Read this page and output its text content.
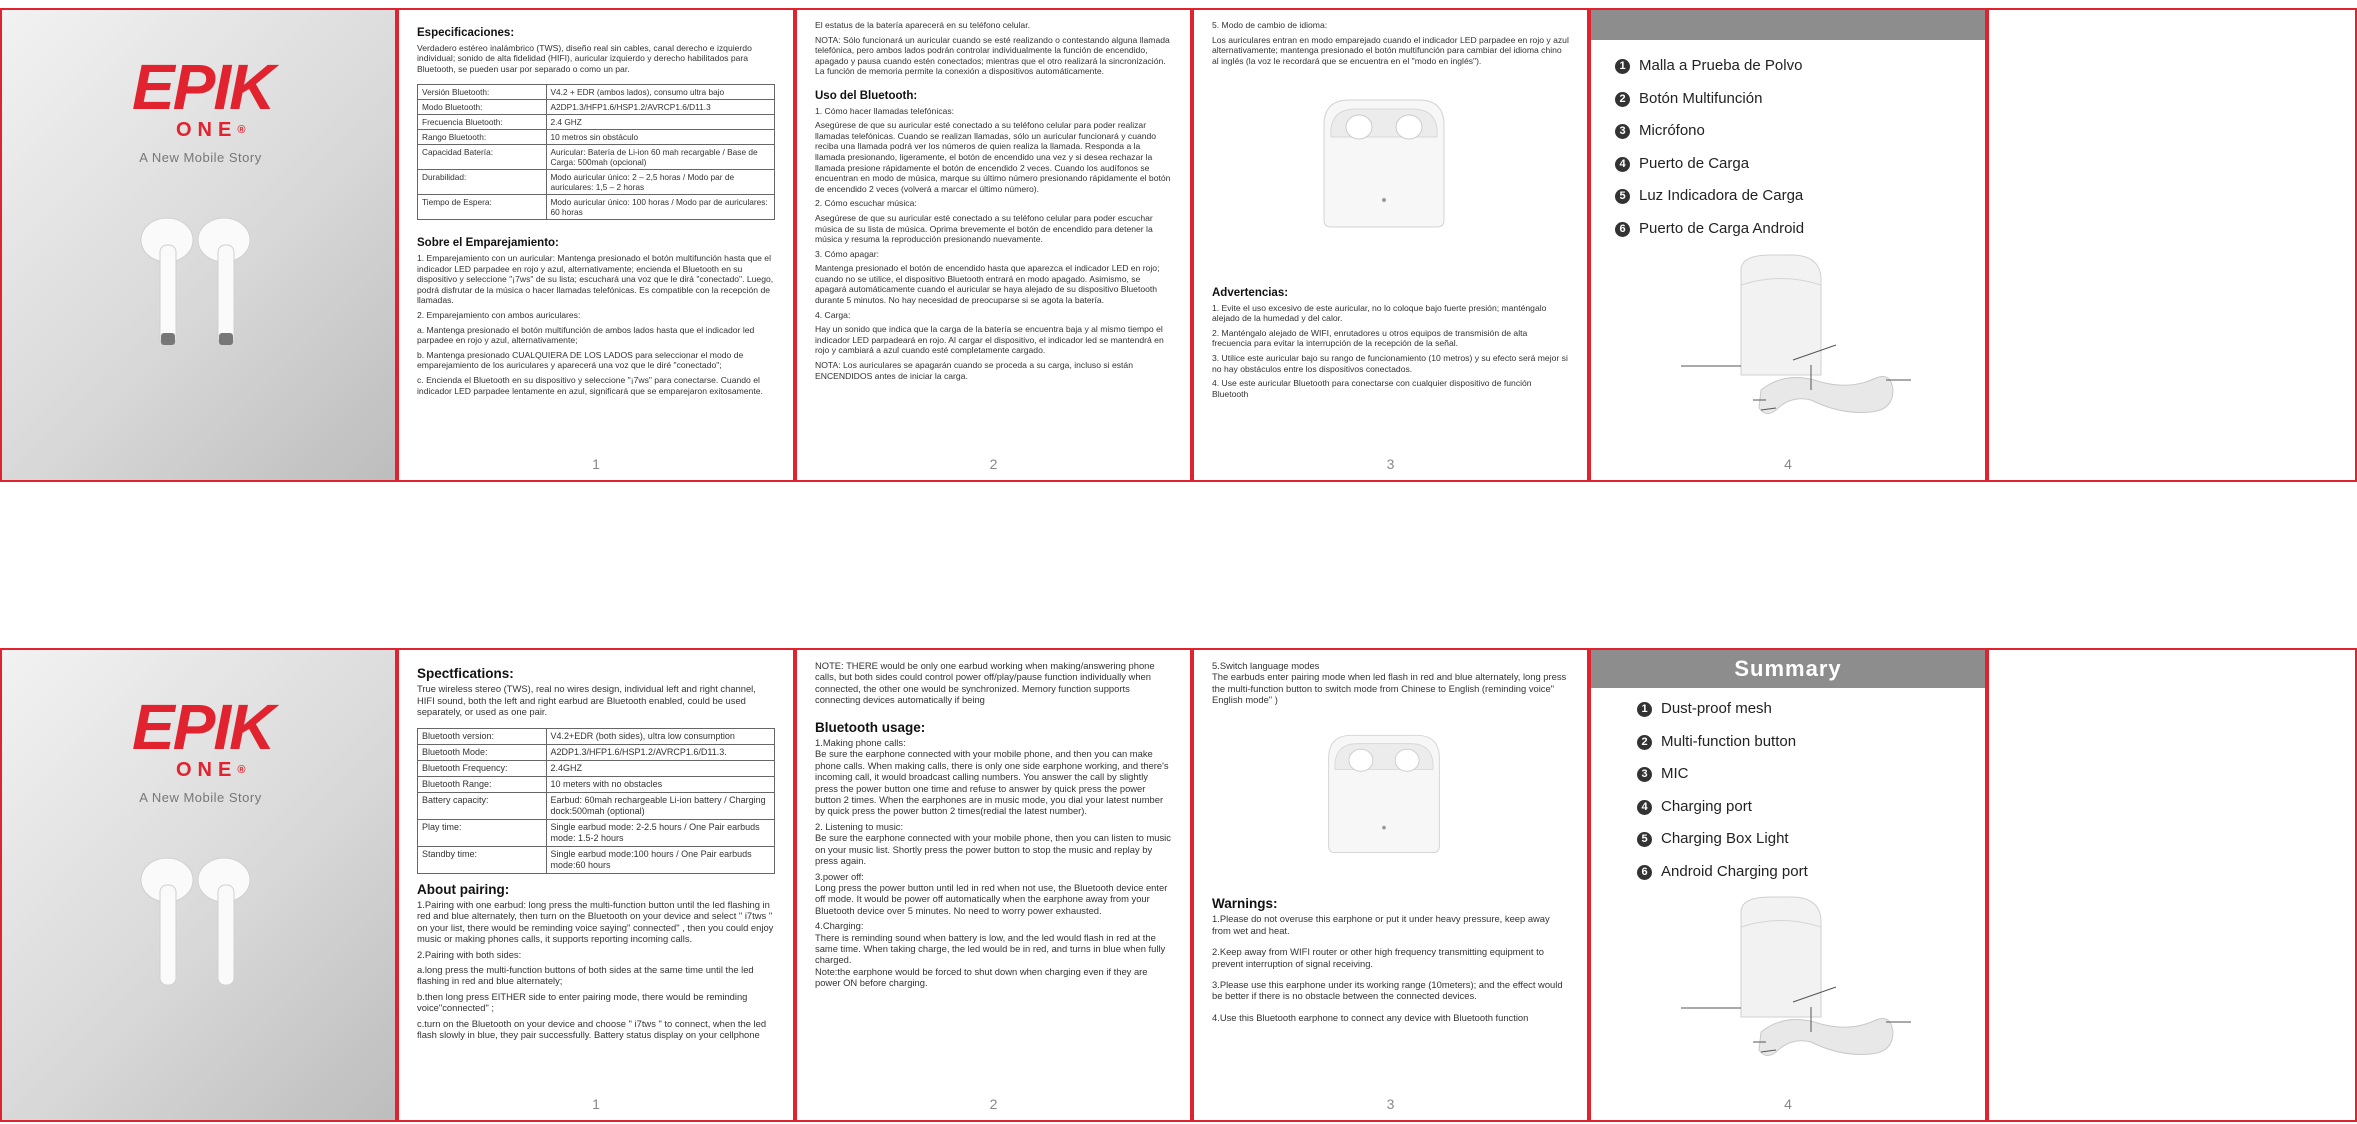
EPIK
ONE®
A New Mobile Story
Especificaciones:

Verdadero estéreo inalámbrico (TWS), diseño real sin cables, canal derecho e izquierdo individual; sonido de alta fidelidad (HIFI), auricular izquierdo y derecho habilitados para Bluetooth, se pueden usar por separado o como un par.

Versión Bluetooth:	V4.2 + EDR (ambos lados), consumo ultra bajo
Modo Bluetooth:	A2DP1.3/HFP1.6/HSP1.2/AVRCP1.6/D11.3
Frecuencia Bluetooth:	2.4 GHZ
Rango Bluetooth:	10 metros sin obstáculo
Capacidad Batería:	Auricular: Batería de Li-ion 60 mah recargable / Base de Carga: 500mah (opcional)
Durabilidad:	Modo auricular único: 2 – 2,5 horas / Modo par de auriculares: 1,5 – 2 horas
Tiempo de Espera:	Modo auricular único: 100 horas / Modo par de auriculares: 60 horas
Sobre el Emparejamiento:

1. Emparejamiento con un auricular: Mantenga presionado el botón multifunción hasta que el indicador LED parpadee en rojo y azul, alternativamente; encienda el Bluetooth en su dispositivo y seleccione "¡7ws" de su lista; escuchará una voz que le dirá "conectado". Luego, podrá disfrutar de la música o hacer llamadas telefónicas. Es compatible con la recepción de llamadas.

2. Emparejamiento con ambos auriculares:

a. Mantenga presionado el botón multifunción de ambos lados hasta que el indicador led parpadee en rojo y azul, alternativamente;

b. Mantenga presionado CUALQUIERA DE LOS LADOS para seleccionar el modo de emparejamiento de los auriculares y aparecerá una voz que le diré "conectado";

c. Encienda el Bluetooth en su dispositivo y seleccione "¡7ws" para conectarse. Cuando el indicador LED parpadee lentamente en azul, significará que se emparejaron exitosamente.

1

El estatus de la batería aparecerá en su teléfono celular.

NOTA: Sólo funcionará un auricular cuando se esté realizando o contestando alguna llamada telefónica, pero ambos lados podrán controlar individualmente la función de encendido, apagado y pausa cuando estén conectados; mientras que el otro realizará la sincronización. La función de memoria permite la conexión a dispositivos automáticamente.

Uso del Bluetooth:

1. Cómo hacer llamadas telefónicas:

Asegúrese de que su auricular esté conectado a su teléfono celular para poder realizar llamadas telefónicas. Cuando se realizan llamadas, sólo un auricular funcionará y cuando reciba una llamada podrá ver los números de quien realiza la llamada. Responda a la llamada presionando, ligeramente, el botón de encendido una vez y si desea rechazar la llamada presione rápidamente el botón de encendido 2 veces. Cuando los audífonos se encuentran en modo de música, marque su último número presionando rápidamente el botón de encendido 2 veces (volverá a marcar el último número).

2. Cómo escuchar música:

Asegúrese de que su auricular esté conectado a su teléfono celular para poder escuchar música de su lista de música. Oprima brevemente el botón de encendido para detener la música y resuma la reproducción presionando nuevamente.

3. Cómo apagar:

Mantenga presionado el botón de encendido hasta que aparezca el indicador LED en rojo; cuando no se utilice, el dispositivo Bluetooth entrará en modo apagado. Asimismo, se apagará automáticamente cuando el auricular se haya alejado de su dispositivo Bluetooth durante 5 minutos. No hay necesidad de preocuparse si se agota la batería.

4. Carga:

Hay un sonido que indica que la carga de la batería se encuentra baja y al mismo tiempo el indicador LED parpadeará en rojo. Al cargar el dispositivo, el indicador led se mantendrá en rojo y cambiará a azul cuando esté completamente cargado.

NOTA: Los auriculares se apagarán cuando se proceda a su carga, incluso si están ENCENDIDOS antes de iniciar la carga.

2

5. Modo de cambio de idioma:

Los auriculares entran en modo emparejado cuando el indicador LED parpadee en rojo y azul alternativamente; mantenga presionado el botón multifunción para cambiar del idioma chino al inglés (la voz le recordará que se encuentra en el "modo en inglés").

Advertencias:

1. Evite el uso excesivo de este auricular, no lo coloque bajo fuerte presión; manténgalo alejado de la humedad y del calor.

2. Manténgalo alejado de WIFI, enrutadores u otros equipos de transmisión de alta frecuencia para evitar la interrupción de la recepción de la señal.

3. Utilice este auricular bajo su rango de funcionamiento (10 metros) y su efecto será mejor si no hay obstáculos entre los dispositivos conectados.

4. Use este auricular Bluetooth para conectarse con cualquier dispositivo de función Bluetooth

3
1 Malla a Prueba de Polvo
2 Botón Multifunción
3 Micrófono
4 Puerto de Carga
5 Luz Indicadora de Carga
6 Puerto de Carga Android
4
EPIK
ONE®
A New Mobile Story
Spectfications:

True wireless stereo (TWS), real no wires design, individual left and right channel, HIFI sound, both the left and right earbud are Bluetooth enabled, could be used separately, or used as one pair.

Bluetooth version:	V4.2+EDR (both sides), ultra low consumption
Bluetooth Mode:	A2DP1.3/HFP1.6/HSP1.2/AVRCP1.6/D11.3.
Bluetooth Frequency:	2.4GHZ
Bluetooth Range:	10 meters with no obstacles
Battery capacity:	Earbud: 60mah rechargeable Li-ion battery / Charging dock:500mah (optional)
Play time:	Single earbud mode: 2-2.5 hours / One Pair earbuds mode: 1.5-2 hours
Standby time:	Single earbud mode:100 hours / One Pair earbuds mode:60 hours
About pairing:

1.Pairing with one earbud: long press the multi-function button until the led flashing in red and blue alternately, then turn on the Bluetooth on your device and select " i7tws " on your list, there would be reminding voice saying" connected" , then you could enjoy music or making phones calls, it supports reporting incoming calls.

2.Pairing with both sides:

a.long press the multi-function buttons of both sides at the same time until the led flashing in red and blue alternately;

b.then long press EITHER side to enter pairing mode, there would be reminding voice"connected" ;

c.turn on the Bluetooth on your device and choose " i7tws " to connect, when the led flash slowly in blue, they pair successfully. Battery status display on your cellphone

1

NOTE: THERE would be only one earbud working when making/answering phone calls, but both sides could control power off/play/pause function individually when connected, the other one would be synchronized. Memory function supports connecting devices automatically if being

Bluetooth usage:

1.Making phone calls:

Be sure the earphone connected with your mobile phone, and then you can make phone calls. When making calls, there is only one side earphone working, and there's incoming call, it would broadcast calling numbers. You answer the call by slightly press the power button one time and refuse to answer by quick press the power button 2 times. When the earphones are in music mode, you dial your latest number by quick press the power button 2 times(redial the latest number).

2. Listening to music:

Be sure the earphone connected with your mobile phone, then you can listen to music on your music list. Shortly press the power button to stop the music and replay by press again.

3.power off:

Long press the power button until led in red when not use, the Bluetooth device enter off mode. It would be power off automatically when the earphone away from your Bluetooth device over 5 minutes. No need to worry power exhausted.

4.Charging:

There is reminding sound when battery is low, and the led would flash in red at the same time. When taking charge, the led would be in red, and turns in blue when fully charged.

Note:the earphone would be forced to shut down when charging even if they are power ON before charging.

2

5.Switch language modes

The earbuds enter pairing mode when led flash in red and blue alternately, long press the multi-function button to switch mode from Chinese to English (reminding voice" English mode" )

Warnings:

1.Please do not overuse this earphone or put it under heavy pressure, keep away from wet and heat.

2.Keep away from WIFI router or other high frequency transmitting equipment to prevent interruption of signal receiving.

3.Please use this earphone under its working range (10meters); and the effect would be better if there is no obstacle between the connected devices.

4.Use this Bluetooth earphone to connect any device with Bluetooth function

3
Summary
1 Dust-proof mesh
2 Multi-function button
3 MIC
4 Charging port
5 Charging Box Light
6 Android Charging port
4
